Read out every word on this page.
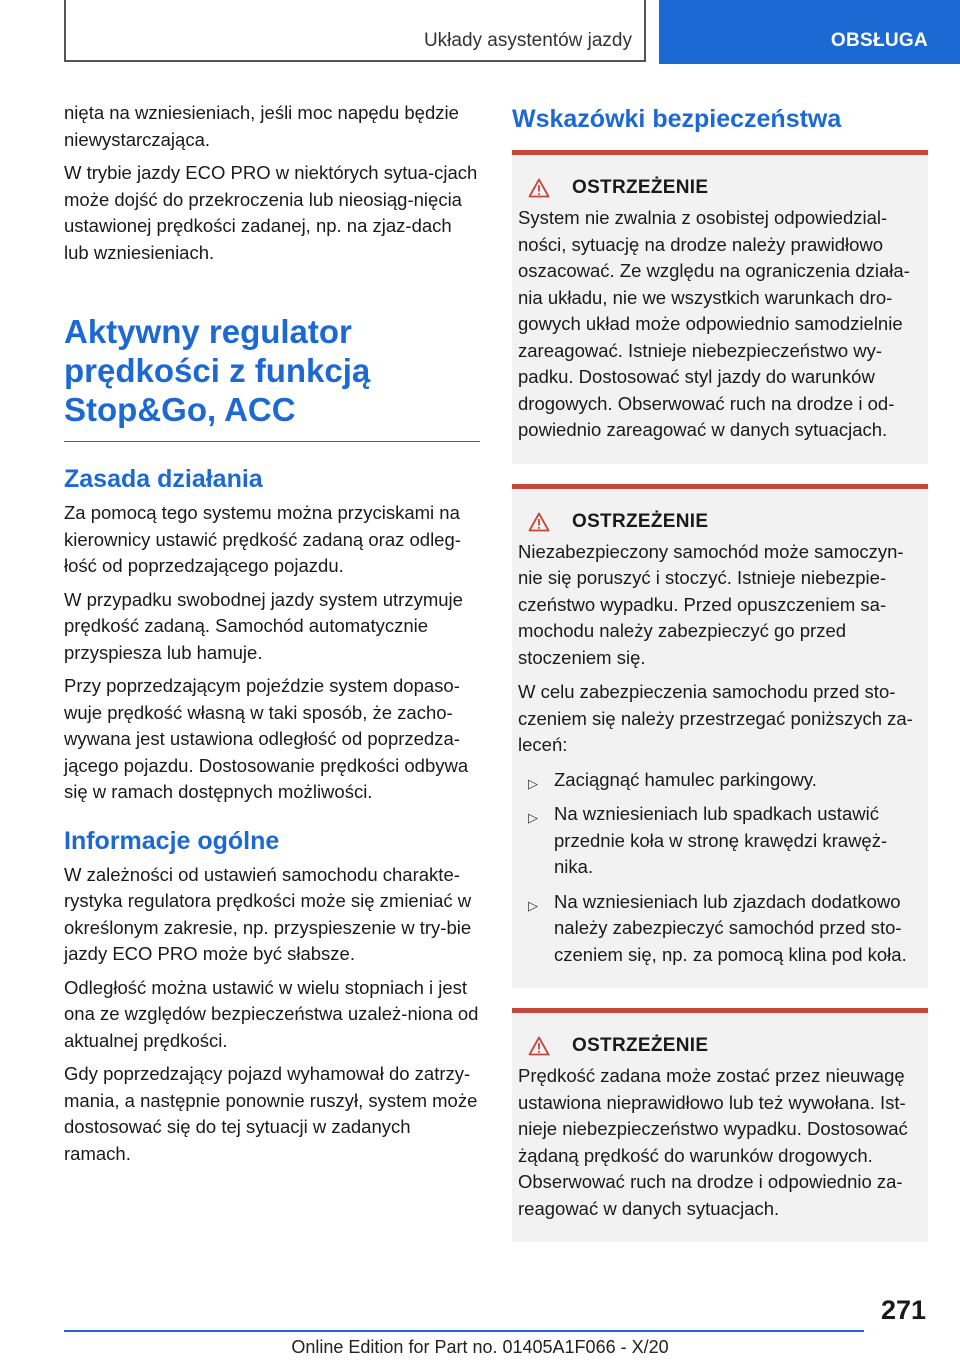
Układy asystentów jazdy	OBSŁUGA

nięta na wzniesieniach, jeśli moc napędu będzie niewystarczająca.

W trybie jazdy ECO PRO w niektórych sytua-cjach może dojść do przekroczenia lub nieosiąg-nięcia ustawionej prędkości zadanej, np. na zjaz-dach lub wzniesieniach.

Aktywny regulator prędkości z funkcją Stop&Go, ACC
Zasada działania

Za pomocą tego systemu można przyciskami na kierownicy ustawić prędkość zadaną oraz odleg-łość od poprzedzającego pojazdu.

W przypadku swobodnej jazdy system utrzymuje prędkość zadaną. Samochód automatycznie przyspiesza lub hamuje.

Przy poprzedzającym pojeździe system dopaso-wuje prędkość własną w taki sposób, że zacho-wywana jest ustawiona odległość od poprzedza-jącego pojazdu. Dostosowanie prędkości odbywa się w ramach dostępnych możliwości.

Informacje ogólne

W zależności od ustawień samochodu charakte-rystyka regulatora prędkości może się zmieniać w określonym zakresie, np. przyspieszenie w try-bie jazdy ECO PRO może być słabsze.

Odległość można ustawić w wielu stopniach i jest ona ze względów bezpieczeństwa uzależ-niona od aktualnej prędkości.

Gdy poprzedzający pojazd wyhamował do zatrzy-mania, a następnie ponownie ruszył, system może dostosować się do tej sytuacji w zadanych ramach.

Wskazówki bezpieczeństwa
OSTRZEŻENIE

System nie zwalnia z osobistej odpowiedzial-ności, sytuację na drodze należy prawidłowo oszacować. Ze względu na ograniczenia działa-nia układu, nie we wszystkich warunkach dro-gowych układ może odpowiednio samodzielnie zareagować. Istnieje niebezpieczeństwo wy-padku. Dostosować styl jazdy do warunków drogowych. Obserwować ruch na drodze i od-powiednio zareagować w danych sytuacjach.

OSTRZEŻENIE

Niezabezpieczony samochód może samoczyn-nie się poruszyć i stoczyć. Istnieje niebezpie-czeństwo wypadku. Przed opuszczeniem sa-mochodu należy zabezpieczyć go przed stoczeniem się.

W celu zabezpieczenia samochodu przed sto-czeniem się należy przestrzegać poniższych za-leceń:

▷ Zaciągnąć hamulec parkingowy.
▷ Na wzniesieniach lub spadkach ustawić przednie koła w stronę krawędzi krawęż-nika.
▷ Na wzniesieniach lub zjazdach dodatkowo należy zabezpieczyć samochód przed sto-czeniem się, np. za pomocą klina pod koła.
OSTRZEŻENIE

Prędkość zadana może zostać przez nieuwagę ustawiona nieprawidłowo lub też wywołana. Ist-nieje niebezpieczeństwo wypadku. Dostosować żądaną prędkość do warunków drogowych. Obserwować ruch na drodze i odpowiednio za-reagować w danych sytuacjach.

271
Online Edition for Part no. 01405A1F066 - X/20
